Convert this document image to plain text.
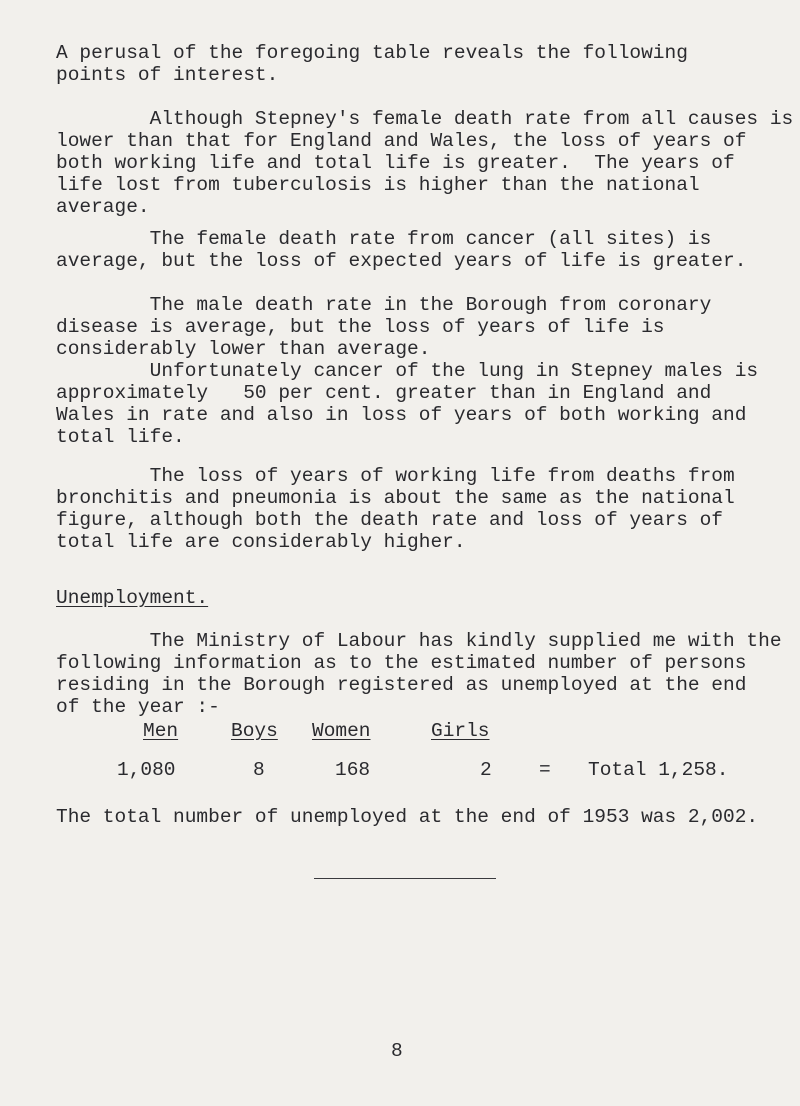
A perusal of the foregoing table reveals the following
points of interest.

Although Stepney's female death rate from all causes is
lower than that for England and Wales, the loss of years of
both working life and total life is greater.  The years of
life lost from tuberculosis is higher than the national
average.

The female death rate from cancer (all sites) is
average, but the loss of expected years of life is greater.

The male death rate in the Borough from coronary
disease is average, but the loss of years of life is
considerably lower than average.

Unfortunately cancer of the lung in Stepney males is
approximately   50 per cent. greater than in England and
Wales in rate and also in loss of years of both working and
total life.

The loss of years of working life from deaths from
bronchitis and pneumonia is about the same as the national
figure, although both the death rate and loss of years of
total life are considerably higher.

Unemployment.

The Ministry of Labour has kindly supplied me with the
following information as to the estimated number of persons
residing in the Borough registered as unemployed at the end
of the year :-

Men	Boys Women	Girls
1,080	8	168	2 = Total 1,258.

The total number of unemployed at the end of 1953 was 2,002.

8
